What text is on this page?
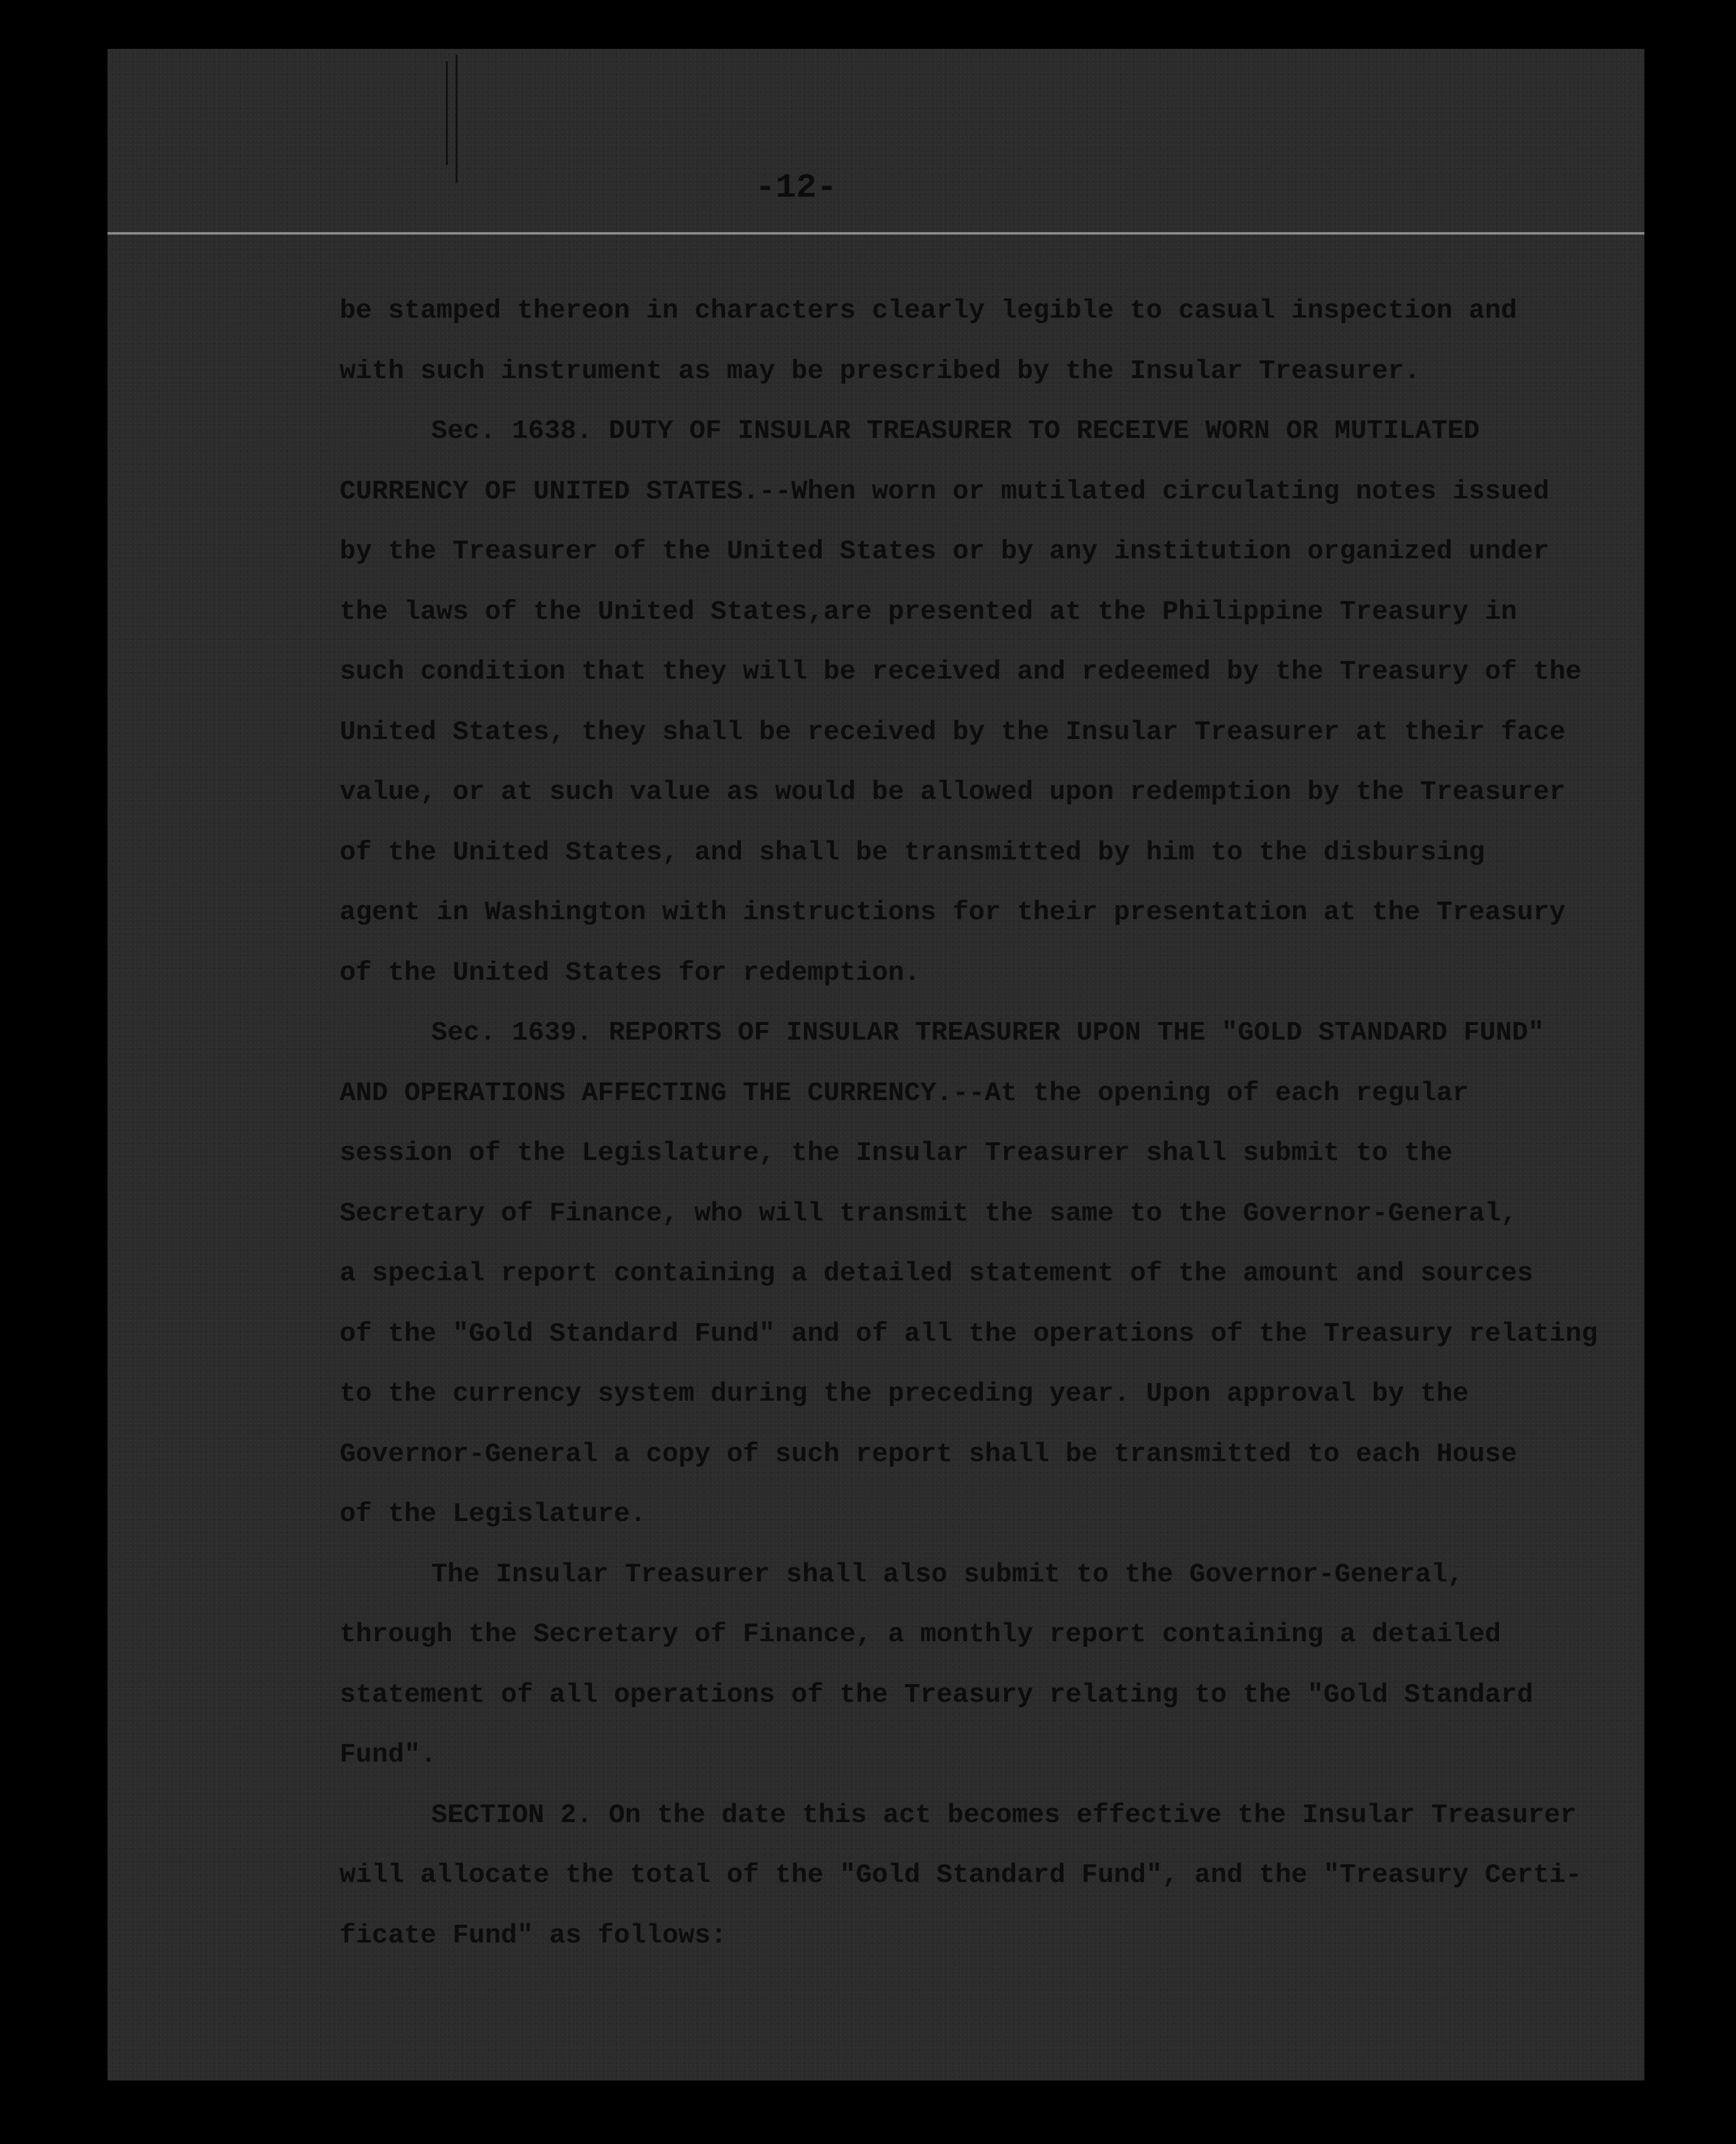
-12-
be stamped thereon in characters clearly legible to casual inspection and
with such instrument as may be prescribed by the Insular Treasurer.
Sec. 1638. DUTY OF INSULAR TREASURER TO RECEIVE WORN OR MUTILATED
CURRENCY OF UNITED STATES.--When worn or mutilated circulating notes issued
by the Treasurer of the United States or by any institution organized under
the laws of the United States,are presented at the Philippine Treasury in
such condition that they will be received and redeemed by the Treasury of the
United States, they shall be received by the Insular Treasurer at their face
value, or at such value as would be allowed upon redemption by the Treasurer
of the United States, and shall be transmitted by him to the disbursing
agent in Washington with instructions for their presentation at the Treasury
of the United States for redemption.
Sec. 1639. REPORTS OF INSULAR TREASURER UPON THE "GOLD STANDARD FUND"
AND OPERATIONS AFFECTING THE CURRENCY.--At the opening of each regular
session of the Legislature, the Insular Treasurer shall submit to the
Secretary of Finance, who will transmit the same to the Governor-General,
a special report containing a detailed statement of the amount and sources
of the "Gold Standard Fund" and of all the operations of the Treasury relating
to the currency system during the preceding year. Upon approval by the
Governor-General a copy of such report shall be transmitted to each House
of the Legislature.
The Insular Treasurer shall also submit to the Governor-General,
through the Secretary of Finance, a monthly report containing a detailed
statement of all operations of the Treasury relating to the "Gold Standard
Fund".
SECTION 2. On the date this act becomes effective the Insular Treasurer
will allocate the total of the "Gold Standard Fund", and the "Treasury Certi-
ficate Fund" as follows:
